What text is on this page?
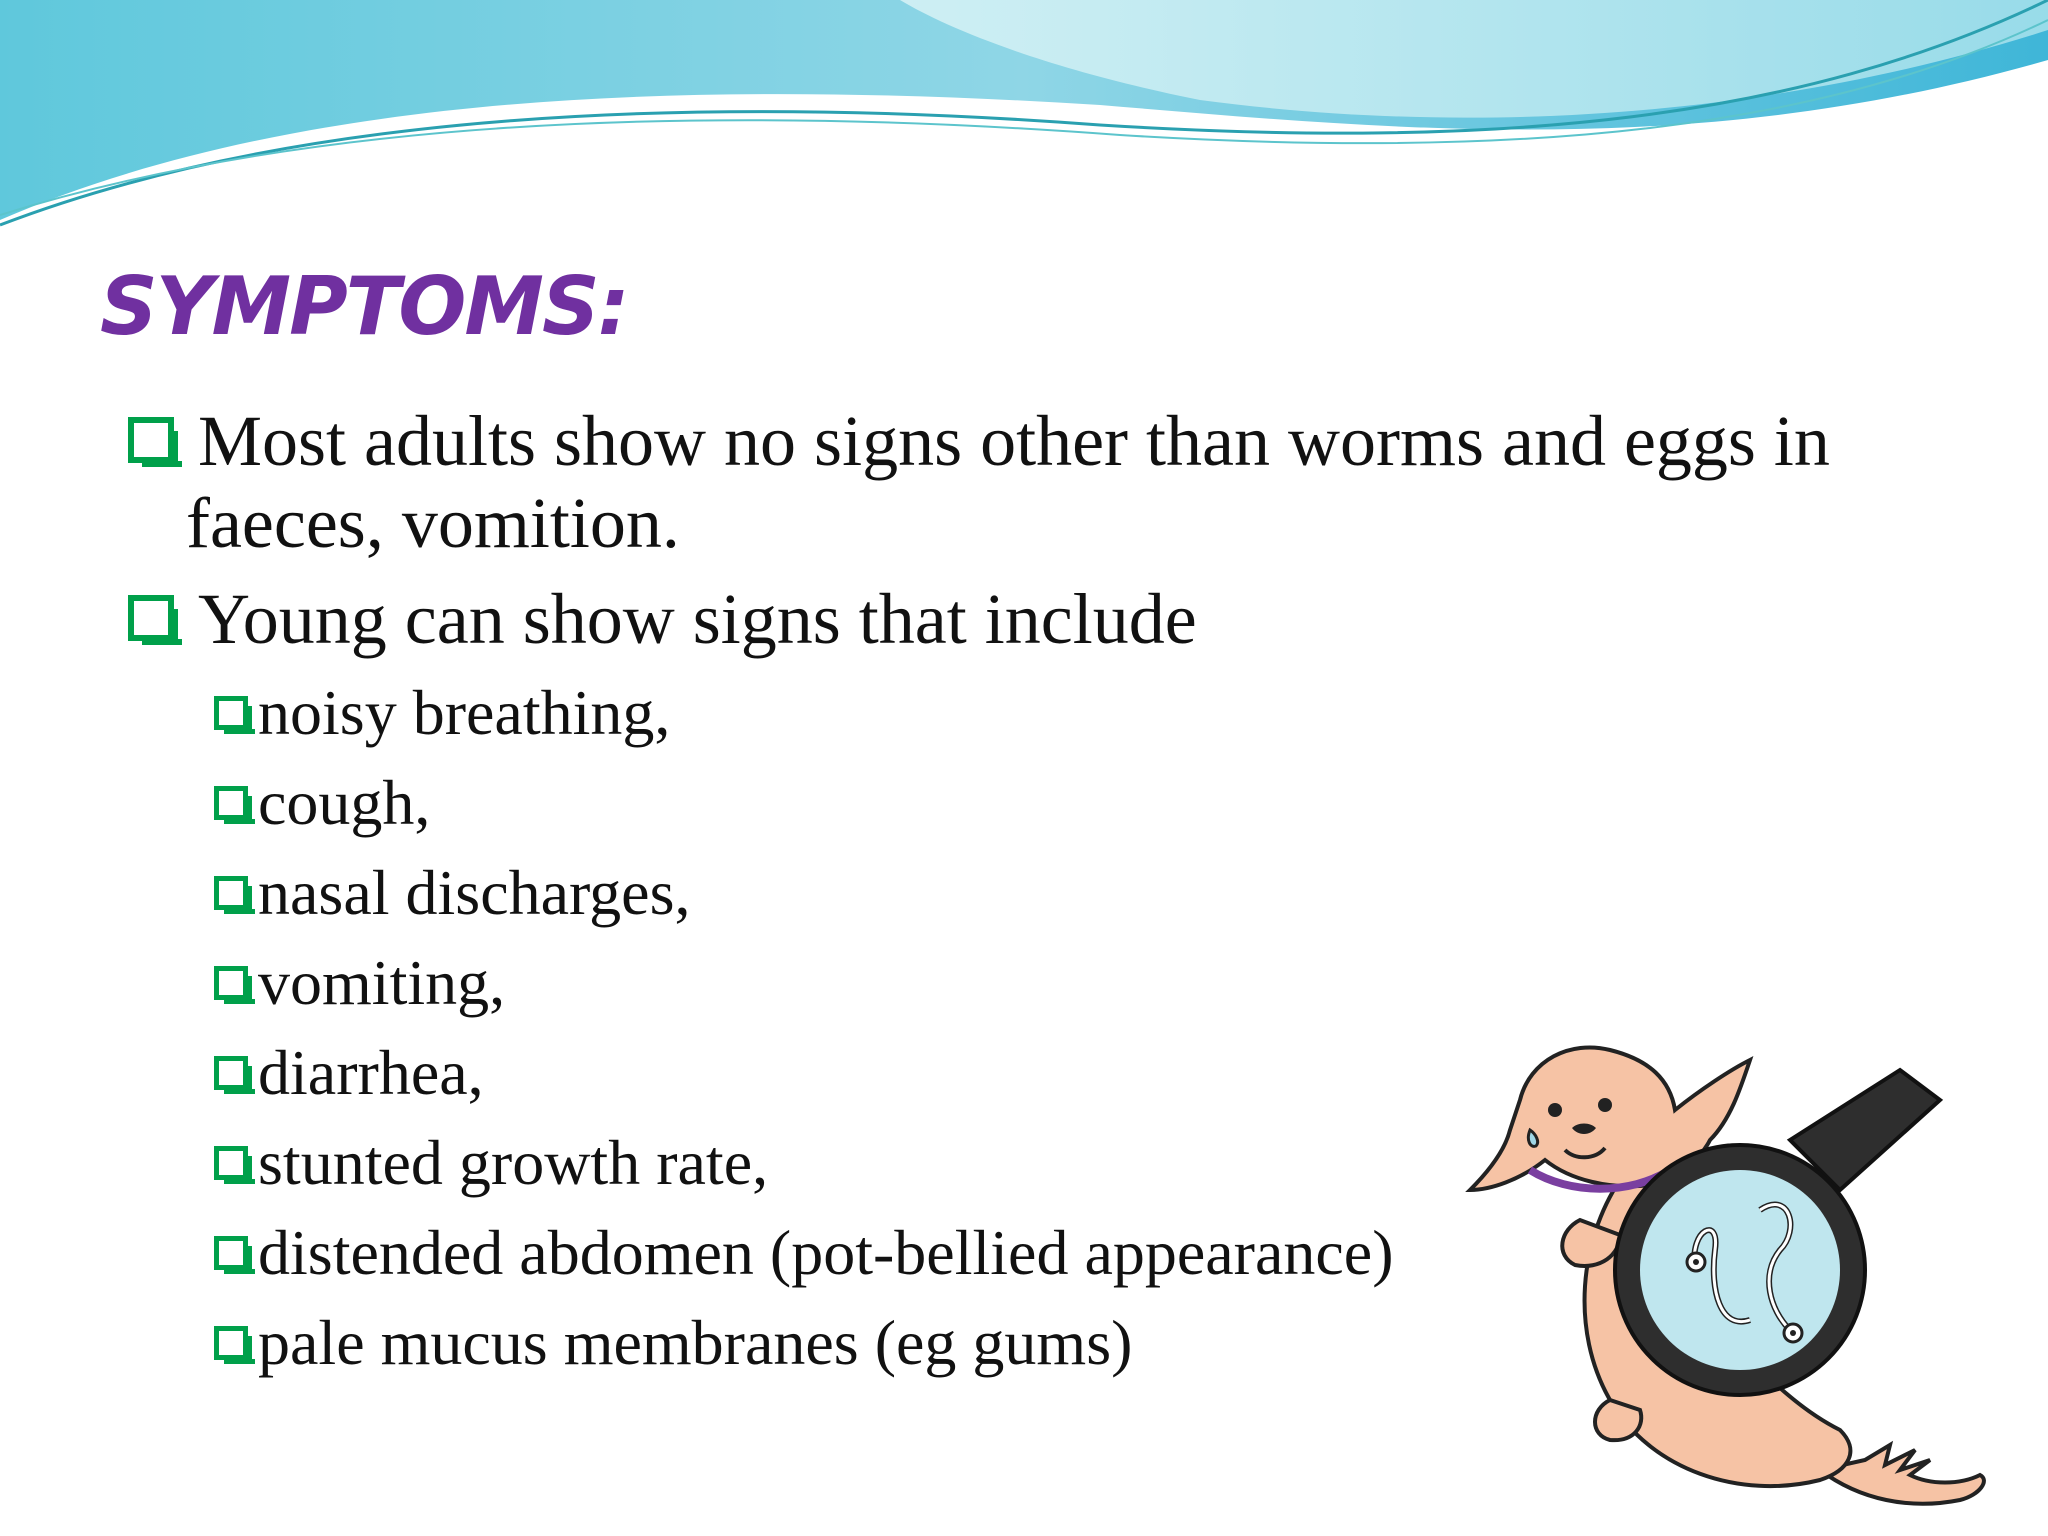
SYMPTOMS:
Most adults show no signs other than worms and eggs in
faeces, vomition.
Young can show signs that include
noisy breathing,
cough,
nasal discharges,
vomiting,
diarrhea,
stunted growth rate,
distended abdomen (pot-bellied appearance)
pale mucus membranes (eg gums)
